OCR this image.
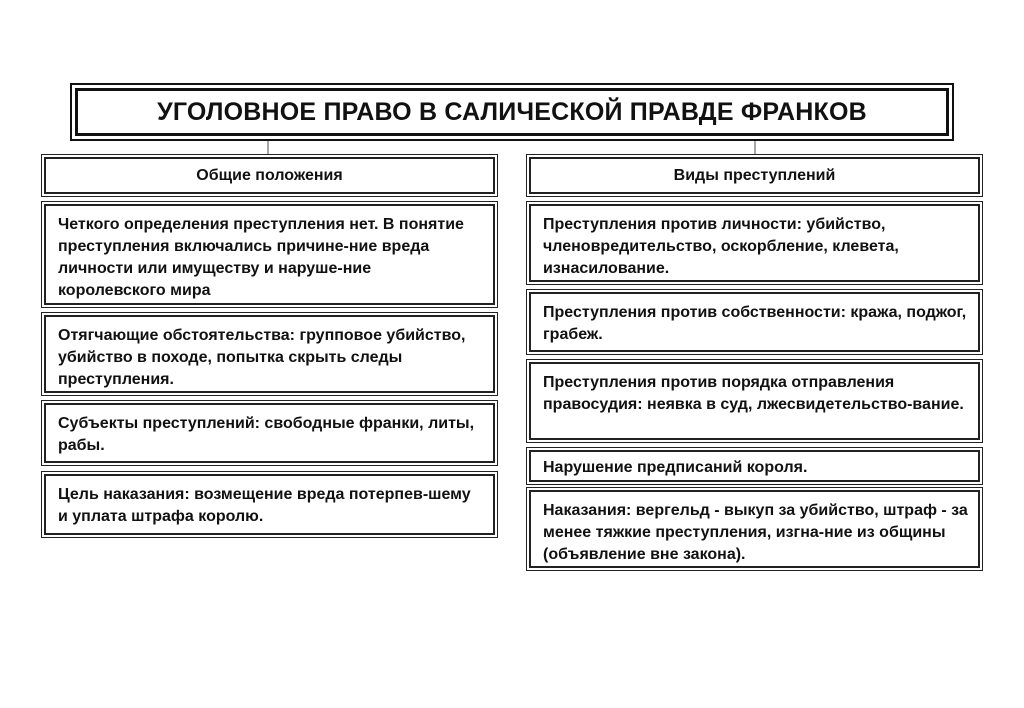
УГОЛОВНОЕ ПРАВО В САЛИЧЕСКОЙ ПРАВДЕ ФРАНКОВ
Общие положения
Четкого определения преступления нет. В понятие преступления включались причине-ние вреда личности или имуществу и наруше-ние королевского мира
Отягчающие обстоятельства: групповое убийство, убийство в походе, попытка скрыть следы преступления.
Субъекты преступлений: свободные франки, литы, рабы.
Цель наказания: возмещение вреда потерпев-шему и уплата штрафа королю.
Виды преступлений
Преступления против личности: убийство, членовредительство, оскорбление, клевета, изнасилование.
Преступления против собственности: кража, поджог, грабеж.
Преступления против порядка отправления правосудия: неявка в суд, лжесвидетельство-вание.
Нарушение предписаний короля.
Наказания: вергельд - выкуп за убийство, штраф - за менее тяжкие преступления, изгна-ние из общины (объявление вне закона).
